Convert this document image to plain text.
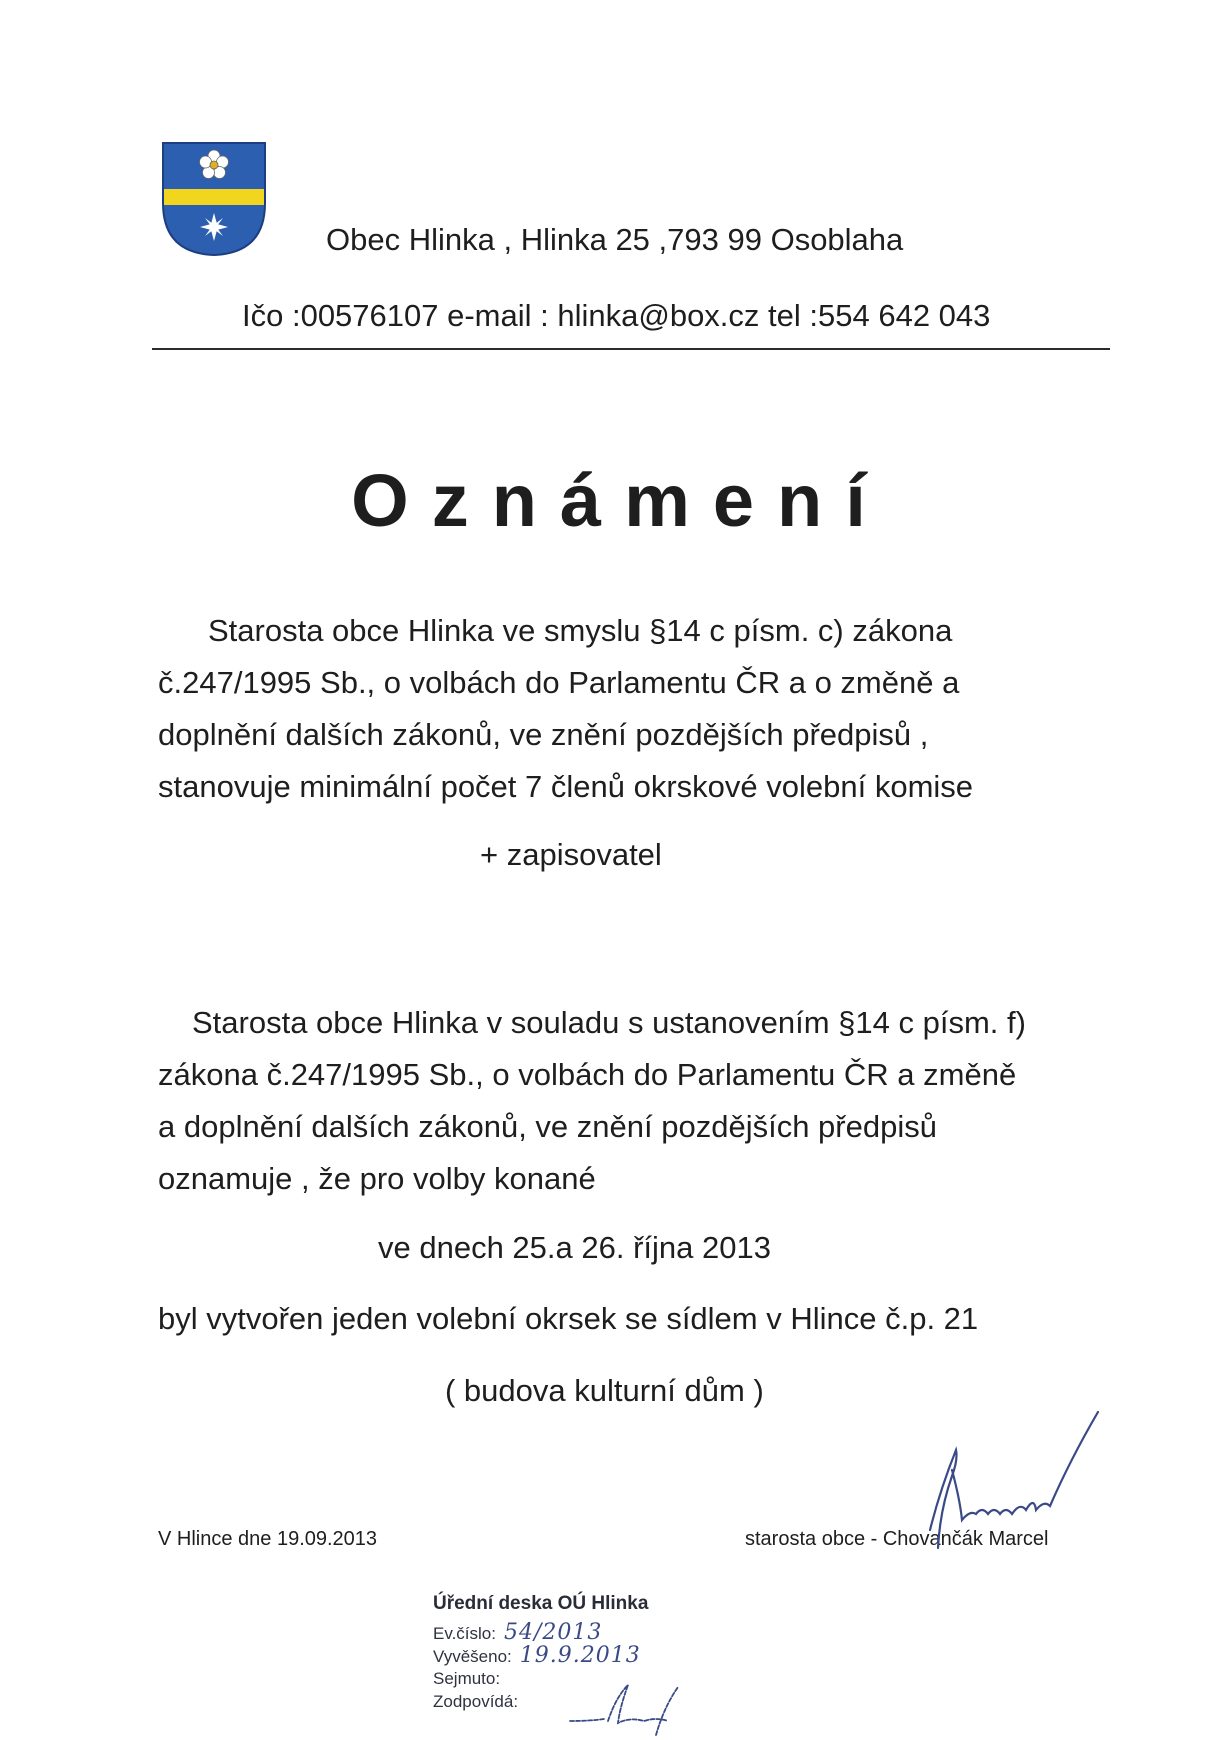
Obec Hlinka , Hlinka 25 ,793 99 Osoblaha
Ičo :00576107 e-mail : hlinka@box.cz tel :554 642 043
Oznámení
Starosta obce Hlinka ve smyslu §14 c písm. c) zákona
č.247/1995 Sb., o volbách do Parlamentu ČR a o změně a
doplnění dalších zákonů, ve znění pozdějších předpisů ,
stanovuje minimální počet 7 členů okrskové volební komise
+ zapisovatel
Starosta obce Hlinka v souladu s ustanovením §14 c písm. f)
zákona č.247/1995 Sb., o volbách do Parlamentu ČR a změně
a doplnění dalších zákonů, ve znění pozdějších předpisů
oznamuje , že pro volby konané
ve dnech 25.a 26. října 2013
byl vytvořen jeden volební okrsek se sídlem v Hlince č.p. 21
( budova kulturní dům )
V Hlince dne 19.09.2013	starosta obce - Chovančák Marcel
Úřední deska OÚ Hlinka
Ev.číslo: 54/2013
Vyvěšeno: 19.9.2013
Sejmuto:
Zodpovídá:
